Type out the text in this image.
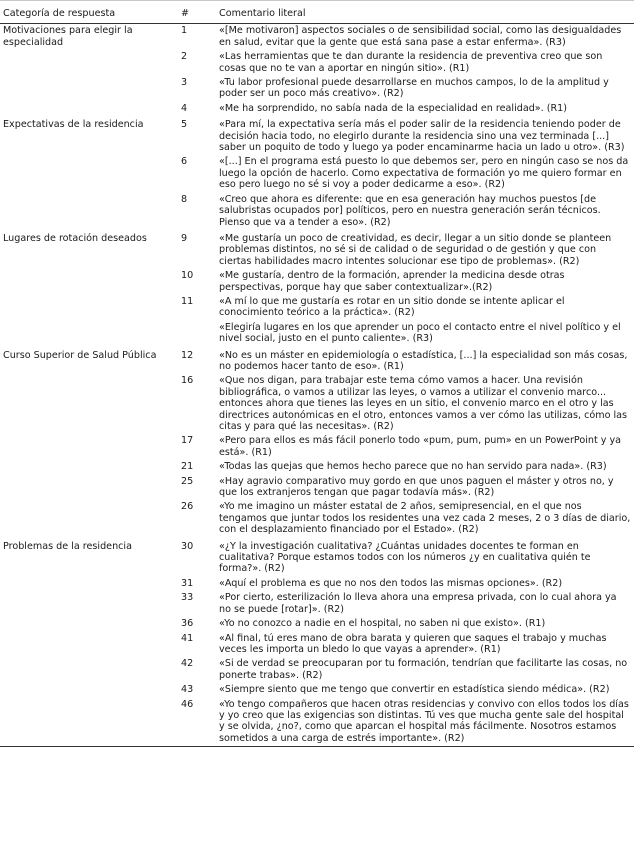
Categoría de respuesta	#	Comentario literal
Motivaciones para elegir la especialidad	1	«[Me motivaron] aspectos sociales o de sensibilidad social, como las desigualdades en salud, evitar que la gente que está sana pase a estar enferma». (R3)
	2	«Las herramientas que te dan durante la residencia de preventiva creo que son cosas que no te van a aportar en ningún sitio». (R1)
	3	«Tu labor profesional puede desarrollarse en muchos campos, lo de la amplitud y poder ser un poco más creativo». (R2)
	4	«Me ha sorprendido, no sabía nada de la especialidad en realidad». (R1)
Expectativas de la residencia	5	«Para mí, la expectativa sería más el poder salir de la residencia teniendo poder de decisión hacia todo, no elegirlo durante la residencia sino una vez terminada [...] saber un poquito de todo y luego ya poder encaminarme hacia un lado u otro». (R3)
	6	«[...] En el programa está puesto lo que debemos ser, pero en ningún caso se nos da luego la opción de hacerlo. Como expectativa de formación yo me quiero formar en eso pero luego no sé si voy a poder dedicarme a eso». (R2)
	8	«Creo que ahora es diferente: que en esa generación hay muchos puestos [de salubristas ocupados por] políticos, pero en nuestra generación serán técnicos. Pienso que va a tender a eso». (R2)
Lugares de rotación deseados	9	«Me gustaría un poco de creatividad, es decir, llegar a un sitio donde se planteen problemas distintos, no sé si de calidad o de seguridad o de gestión y que con ciertas habilidades macro intentes solucionar ese tipo de problemas». (R2)
	10	«Me gustaría, dentro de la formación, aprender la medicina desde otras perspectivas, porque hay que saber contextualizar».(R2)
	11	«A mí lo que me gustaría es rotar en un sitio donde se intente aplicar el conocimiento teórico a la práctica». (R2)
		«Elegiría lugares en los que aprender un poco el contacto entre el nivel político y el nivel social, justo en el punto caliente». (R3)
Curso Superior de Salud Pública	12	«No es un máster en epidemiología o estadística, [...] la especialidad son más cosas, no podemos hacer tanto de eso». (R1)
	16	«Que nos digan, para trabajar este tema cómo vamos a hacer. Una revisión bibliográfica, o vamos a utilizar las leyes, o vamos a utilizar el convenio marco... entonces ahora que tienes las leyes en un sitio, el convenio marco en el otro y las directrices autonómicas en el otro, entonces vamos a ver cómo las utilizas, cómo las citas y para qué las necesitas». (R2)
	17	«Pero para ellos es más fácil ponerlo todo «pum, pum, pum» en un PowerPoint y ya está». (R1)
	21	«Todas las quejas que hemos hecho parece que no han servido para nada». (R3)
	25	«Hay agravio comparativo muy gordo en que unos paguen el máster y otros no, y que los extranjeros tengan que pagar todavía más». (R2)
	26	«Yo me imagino un máster estatal de 2 años, semipresencial, en el que nos tengamos que juntar todos los residentes una vez cada 2 meses, 2 o 3 días de diario, con el desplazamiento financiado por el Estado». (R2)
Problemas de la residencia	30	«¿Y la investigación cualitativa? ¿Cuántas unidades docentes te forman en cualitativa? Porque estamos todos con los números ¿y en cualitativa quién te forma?». (R2)
	31	«Aquí el problema es que no nos den todos las mismas opciones». (R2)
	33	«Por cierto, esterilización lo lleva ahora una empresa privada, con lo cual ahora ya no se puede [rotar]». (R2)
	36	«Yo no conozco a nadie en el hospital, no saben ni que existo». (R1)
	41	«Al final, tú eres mano de obra barata y quieren que saques el trabajo y muchas veces les importa un bledo lo que vayas a aprender». (R1)
	42	«Si de verdad se preocuparan por tu formación, tendrían que facilitarte las cosas, no ponerte trabas». (R2)
	43	«Siempre siento que me tengo que convertir en estadística siendo médica». (R2)
	46	«Yo tengo compañeros que hacen otras residencias y convivo con ellos todos los días y yo creo que las exigencias son distintas. Tú ves que mucha gente sale del hospital y se olvida, ¿no?, como que aparcan el hospital más fácilmente. Nosotros estamos sometidos a una carga de estrés importante». (R2)
